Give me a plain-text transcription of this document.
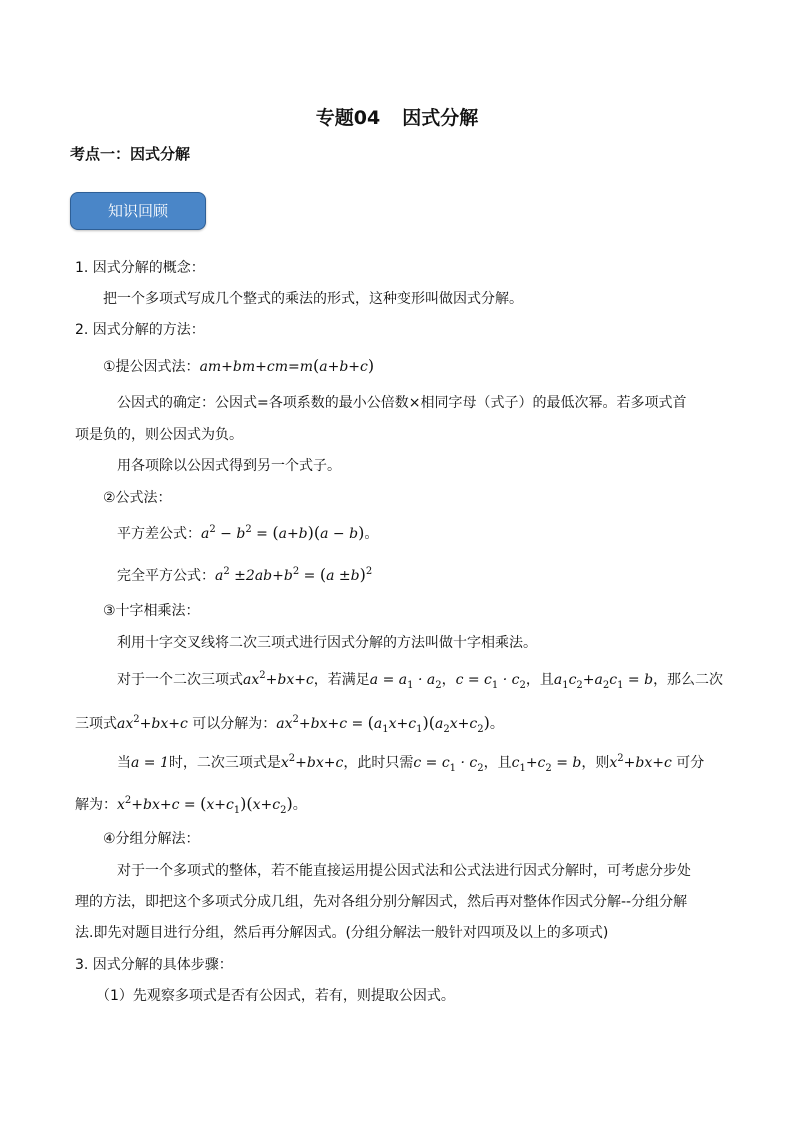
专题04 因式分解
考点一：因式分解
知识回顾
1. 因式分解的概念：
把一个多项式写成几个整式的乘法的形式，这种变形叫做因式分解。
2. 因式分解的方法：
①提公因式法：am+bm+cm=m(a+b+c)
公因式的确定：公因式=各项系数的最小公倍数×相同字母（式子）的最低次幂。若多项式首
项是负的，则公因式为负。
用各项除以公因式得到另一个式子。
②公式法：
平方差公式：$a^2 - b^2 = (a+b)(a - b)$。
完全平方公式：$a^2 \pm 2ab+b^2 = (a \pm b)^2$
③十字相乘法：
利用十字交叉线将二次三项式进行因式分解的方法叫做十字相乘法。
对于一个二次三项式$ax^2+bx+c$，若满足$a = a_1 \cdot a_2$，$c = c_1 \cdot c_2$，且$a_1c_2+a_2c_1 = b$，那么二次
三项式$ax^2+bx+c$ 可以分解为：$ax^2+bx+c = (a_1x+c_1)(a_2x+c_2)$。
当a = 1时，二次三项式是$x^2+bx+c$，此时只需$c = c_1 \cdot c_2$，且$c_1+c_2 = b$，则$x^2+bx+c$ 可分
解为：$x^2+bx+c = (x+c_1)(x+c_2)$。
④分组分解法：
对于一个多项式的整体，若不能直接运用提公因式法和公式法进行因式分解时，可考虑分步处
理的方法，即把这个多项式分成几组，先对各组分别分解因式，然后再对整体作因式分解--分组分解
法.即先对题目进行分组，然后再分解因式。(分组分解法一般针对四项及以上的多项式)
3. 因式分解的具体步骤：
（1）先观察多项式是否有公因式，若有，则提取公因式。
